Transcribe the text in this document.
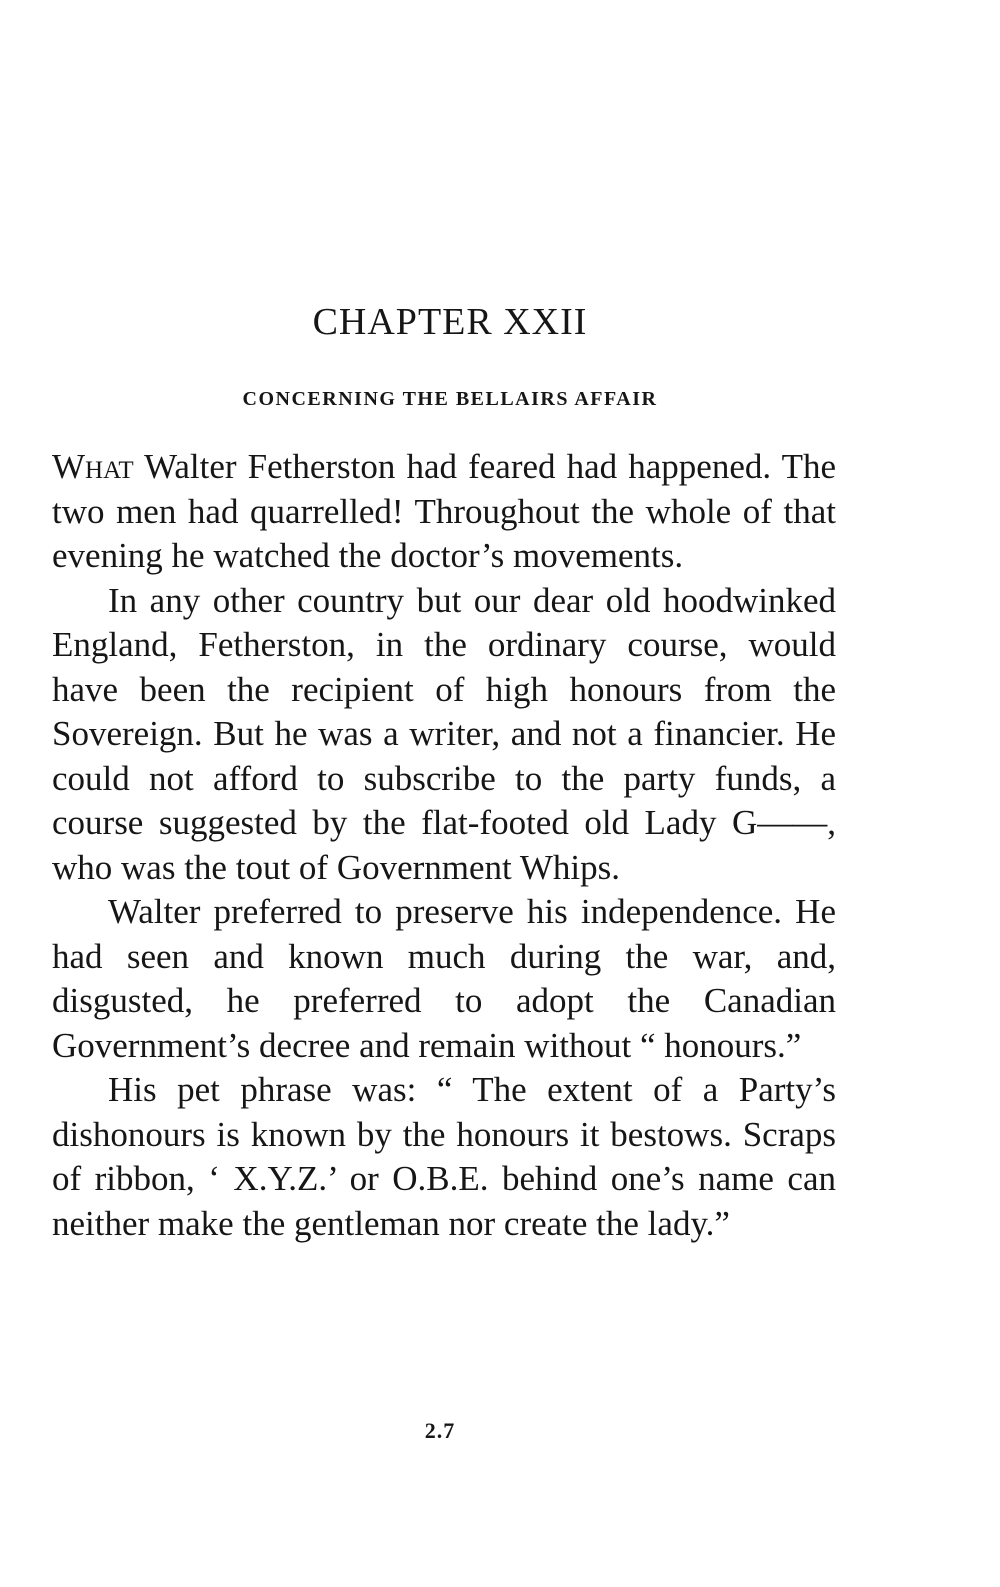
CHAPTER XXII
CONCERNING THE BELLAIRS AFFAIR

What Walter Fetherston had feared had happened. The two men had quarrelled! Throughout the whole of that evening he watched the doctor’s movements.

In any other country but our dear old hoodwinked England, Fetherston, in the ordinary course, would have been the recipient of high honours from the Sovereign. But he was a writer, and not a financier. He could not afford to subscribe to the party funds, a course suggested by the flat-footed old Lady G——, who was the tout of Government Whips.

Walter preferred to preserve his independence. He had seen and known much during the war, and, disgusted, he preferred to adopt the Canadian Government’s decree and remain without “ honours.”

His pet phrase was: “ The extent of a Party’s dishonours is known by the honours it bestows. Scraps of ribbon, ‘ X.Y.Z.’ or O.B.E. behind one’s name can neither make the gentleman nor create the lady.”

2.7
